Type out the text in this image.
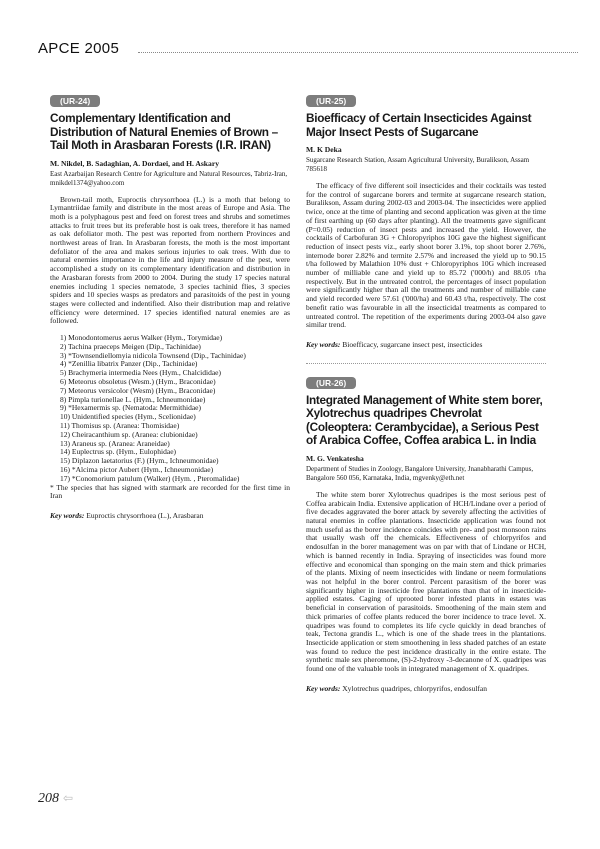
APCE 2005
(UR-24)
Complementary Identification and Distribution of Natural Enemies of Brown – Tail Moth in Arasbaran Forests (I.R. IRAN)
M. Nikdel, B. Sadaghian, A. Dordaei, and H. Askary
East Azarbaijan Research Centre for Agriculture and Natural Resources, Tabriz-Iran, mnikdel1374@yahoo.com

Brown-tail moth, Euproctis chrysorrhoea (L.) is a moth that belong to Lymantriidae family and distribute in the most areas of Europe and Asia. The moth is a polyphagous pest and feed on forest trees and shrubs and sometimes attacks to fruit trees but its preferable host is oak trees, therefore it has named as oak defoliator moth. The pest was reported from northern Provinces and northwest areas of Iran. In Arasbaran forests, the moth is the most important defoliator of the area and makes serious injuries to oak trees. With due to natural enemies importance in the life and injury measure of the pest, were accomplished a study on its complementary identification and distribution in the Arasbaran forests from 2000 to 2004. During the study 17 species natural enemies including 1 species nematode, 3 species tachinid flies, 3 species spiders and 10 species wasps as predators and parasitoids of the pest in young stages were collected and indentified. Also their distribution map and relative efficiency were determined. 17 species identified natural enemies are as followed.

1) Monodontomerus aerus Walker (Hym., Torymidae)
2) Tachina praeceps Meigen (Dip., Tachinidae)
3) *Townsendiellomyia nidicola Townsend (Dip., Tachinidae)
4) *Zenillia libatrix Panzer (Dip., Tachinidae)
5) Brachymeria intermedia Nees (Hym., Chalcididae)
6) Meteorus obsoletus (Wesm.) (Hym., Braconidae)
7) Meteorus versicolor (Wesm) (Hym., Braconidae)
8) Pimpla turionellae L. (Hym., Ichneumonidae)
9) *Hexamermis sp. (Nematoda: Mermithidae)
10) Unidentified species (Hym., Scelionidae)
11) Thomisus sp. (Aranea: Thomisidae)
12) Cheiracanthium sp. (Aranea: clubionidae)
13) Araneus sp. (Aranea: Araneidae)
14) Euplectrus sp. (Hym., Eulophidae)
15) Diplazon laetatorius (F.) (Hym., Ichneumonidae)
16) *Alcima pictor Aubert (Hym., Ichneumonidae)
17) *Conomorium patulum (Walker) (Hym. , Pteromalidae)

* The species that has signed with starmark are recorded for the first time in Iran

Key words: Euproctis chrysorrhoea (L.), Arasbaran

(UR-25)
Bioefficacy of Certain Insecticides Against Major Insect Pests of Sugarcane
M. K Deka
Sugarcane Research Station, Assam Agricultural University, Buralikson, Assam 785618

The efficacy of five different soil insecticides and their cocktails was tested for the control of sugarcane borers and termite at sugarcane research station, Buralikson, Assam during 2002-03 and 2003-04. The insecticides were applied twice, once at the time of planting and second application was given at the time of first earthing up (60 days after planting). All the treatments gave significant (P=0.05) reduction of insect pests and increased the yield. However, the cocktails of Carbofuran 3G + Chloropyriphos 10G gave the highest significant reduction of insect pests viz., early shoot borer 3.1%, top shoot borer 2.76%, internode borer 2.82% and termite 2.57% and increased the yield up to 90.15 t/ha followed by Malathion 10% dust + Chloropyriphos 10G which increased number of milliable cane and yield up to 85.72 ('000/h) and 88.05 t/ha respectively. But in the untreated control, the percentages of insect population were significantly higher than all the treatments and number of millable cane and yield recorded were 57.61 ('000/ha) and 60.43 t/ha, respectively. The cost benefit ratio was favourable in all the insecticidal treatments as compared to untreated control. The repetition of the experiments during 2003-04 also gave similar trend.

Key words: Bioefficacy, sugarcane insect pest, insecticides

(UR-26)
Integrated Management of White stem borer, Xylotrechus quadripes Chevrolat (Coleoptera: Cerambycidae), a Serious Pest of Arabica Coffee, Coffea arabica L. in India
M. G. Venkatesha
Department of Studies in Zoology, Bangalore University, Jnanabharathi Campus, Bangalore 560 056, Karnataka, India, mgvenky@eth.net

The white stem borer Xylotrechus quadripes is the most serious pest of Coffea arabicain India. Extensive application of HCH/Lindane over a period of five decades aggravated the borer attack by severely affecting the activities of natural enemies in coffee plantations. Insecticide application was found not much useful as the borer incidence coincides with pre- and post monsoon rains that usually wash off the chemicals. Effectiveness of chlorpyrifos and endosulfan in the borer management was on par with that of Lindane or HCH, which is banned recently in India. Spraying of insecticides was found more effective and economical than sponging on the main stem and thick primaries of the plants. Mixing of neem insecticides with lindane or neem formulations was not helpful in the borer control. Percent parasitism of the borer was significantly higher in insecticide free plantations than that of in insecticide-applied estates. Caging of uprooted borer infested plants in estates was beneficial in conservation of parasitoids. Smoothening of the main stem and thick primaries of coffee plants reduced the borer incidence to trace level. X. quadripes was found to completes its life cycle quickly in dead branches of teak, Tectona grandis L., which is one of the shade trees in the plantations. Insecticide application or stem smoothening in less shaded patches of an estate was found to reduce the pest incidence drastically in the entire estate. The synthetic male sex pheromone, (S)-2-hydroxy -3-decanone of X. quadripes was found one of the valuable tools in integrated management of X. quadripes.

Key words: Xylotrechus quadripes, chlorpyrifos, endosulfan

208 ⇦
